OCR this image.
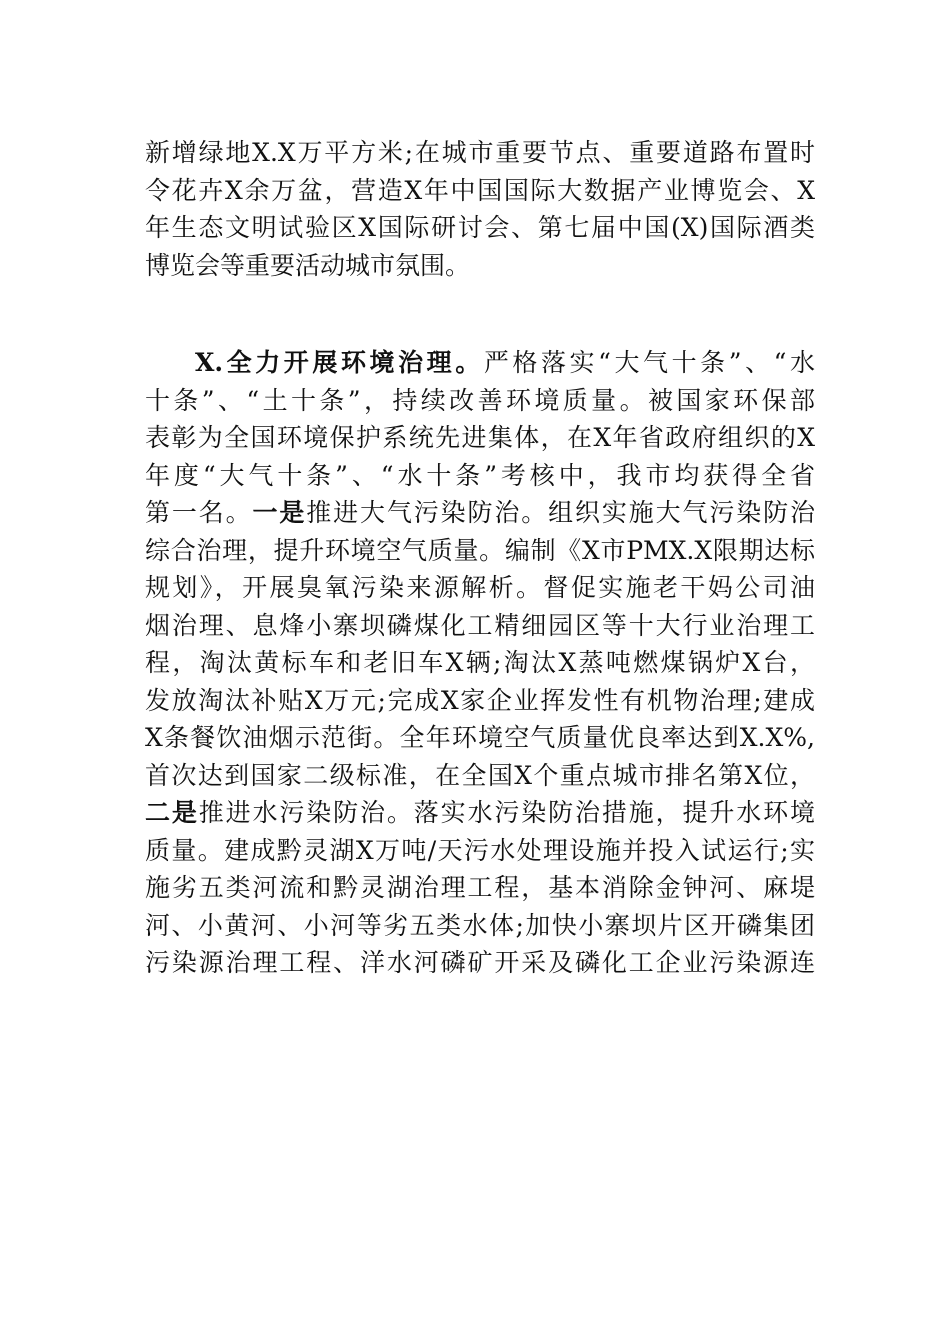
新增绿地X.X万平方米;在城市重要节点、重要道路布置时
令花卉X余万盆，营造X年中国国际大数据产业博览会、X
年生态文明试验区X国际研讨会、第七届中国(X)国际酒类
博览会等重要活动城市氛围。
X.全力开展环境治理。严格落实“大气十条”、“水
十条”、“土十条”，持续改善环境质量。被国家环保部
表彰为全国环境保护系统先进集体，在X年省政府组织的X
年度“大气十条”、“水十条”考核中，我市均获得全省
第一名。一是推进大气污染防治。组织实施大气污染防治
综合治理，提升环境空气质量。编制《X市PMX.X限期达标
规划》，开展臭氧污染来源解析。督促实施老干妈公司油
烟治理、息烽小寨坝磷煤化工精细园区等十大行业治理工
程，淘汰黄标车和老旧车X辆;淘汰X蒸吨燃煤锅炉X台，
发放淘汰补贴X万元;完成X家企业挥发性有机物治理;建成
X条餐饮油烟示范街。全年环境空气质量优良率达到X.X%,
首次达到国家二级标准，在全国X个重点城市排名第X位，
二是推进水污染防治。落实水污染防治措施，提升水环境
质量。建成黔灵湖X万吨/天污水处理设施并投入试运行;实
施劣五类河流和黔灵湖治理工程，基本消除金钟河、麻堤
河、小黄河、小河等劣五类水体;加快小寨坝片区开磷集团
污染源治理工程、洋水河磷矿开采及磷化工企业污染源连
